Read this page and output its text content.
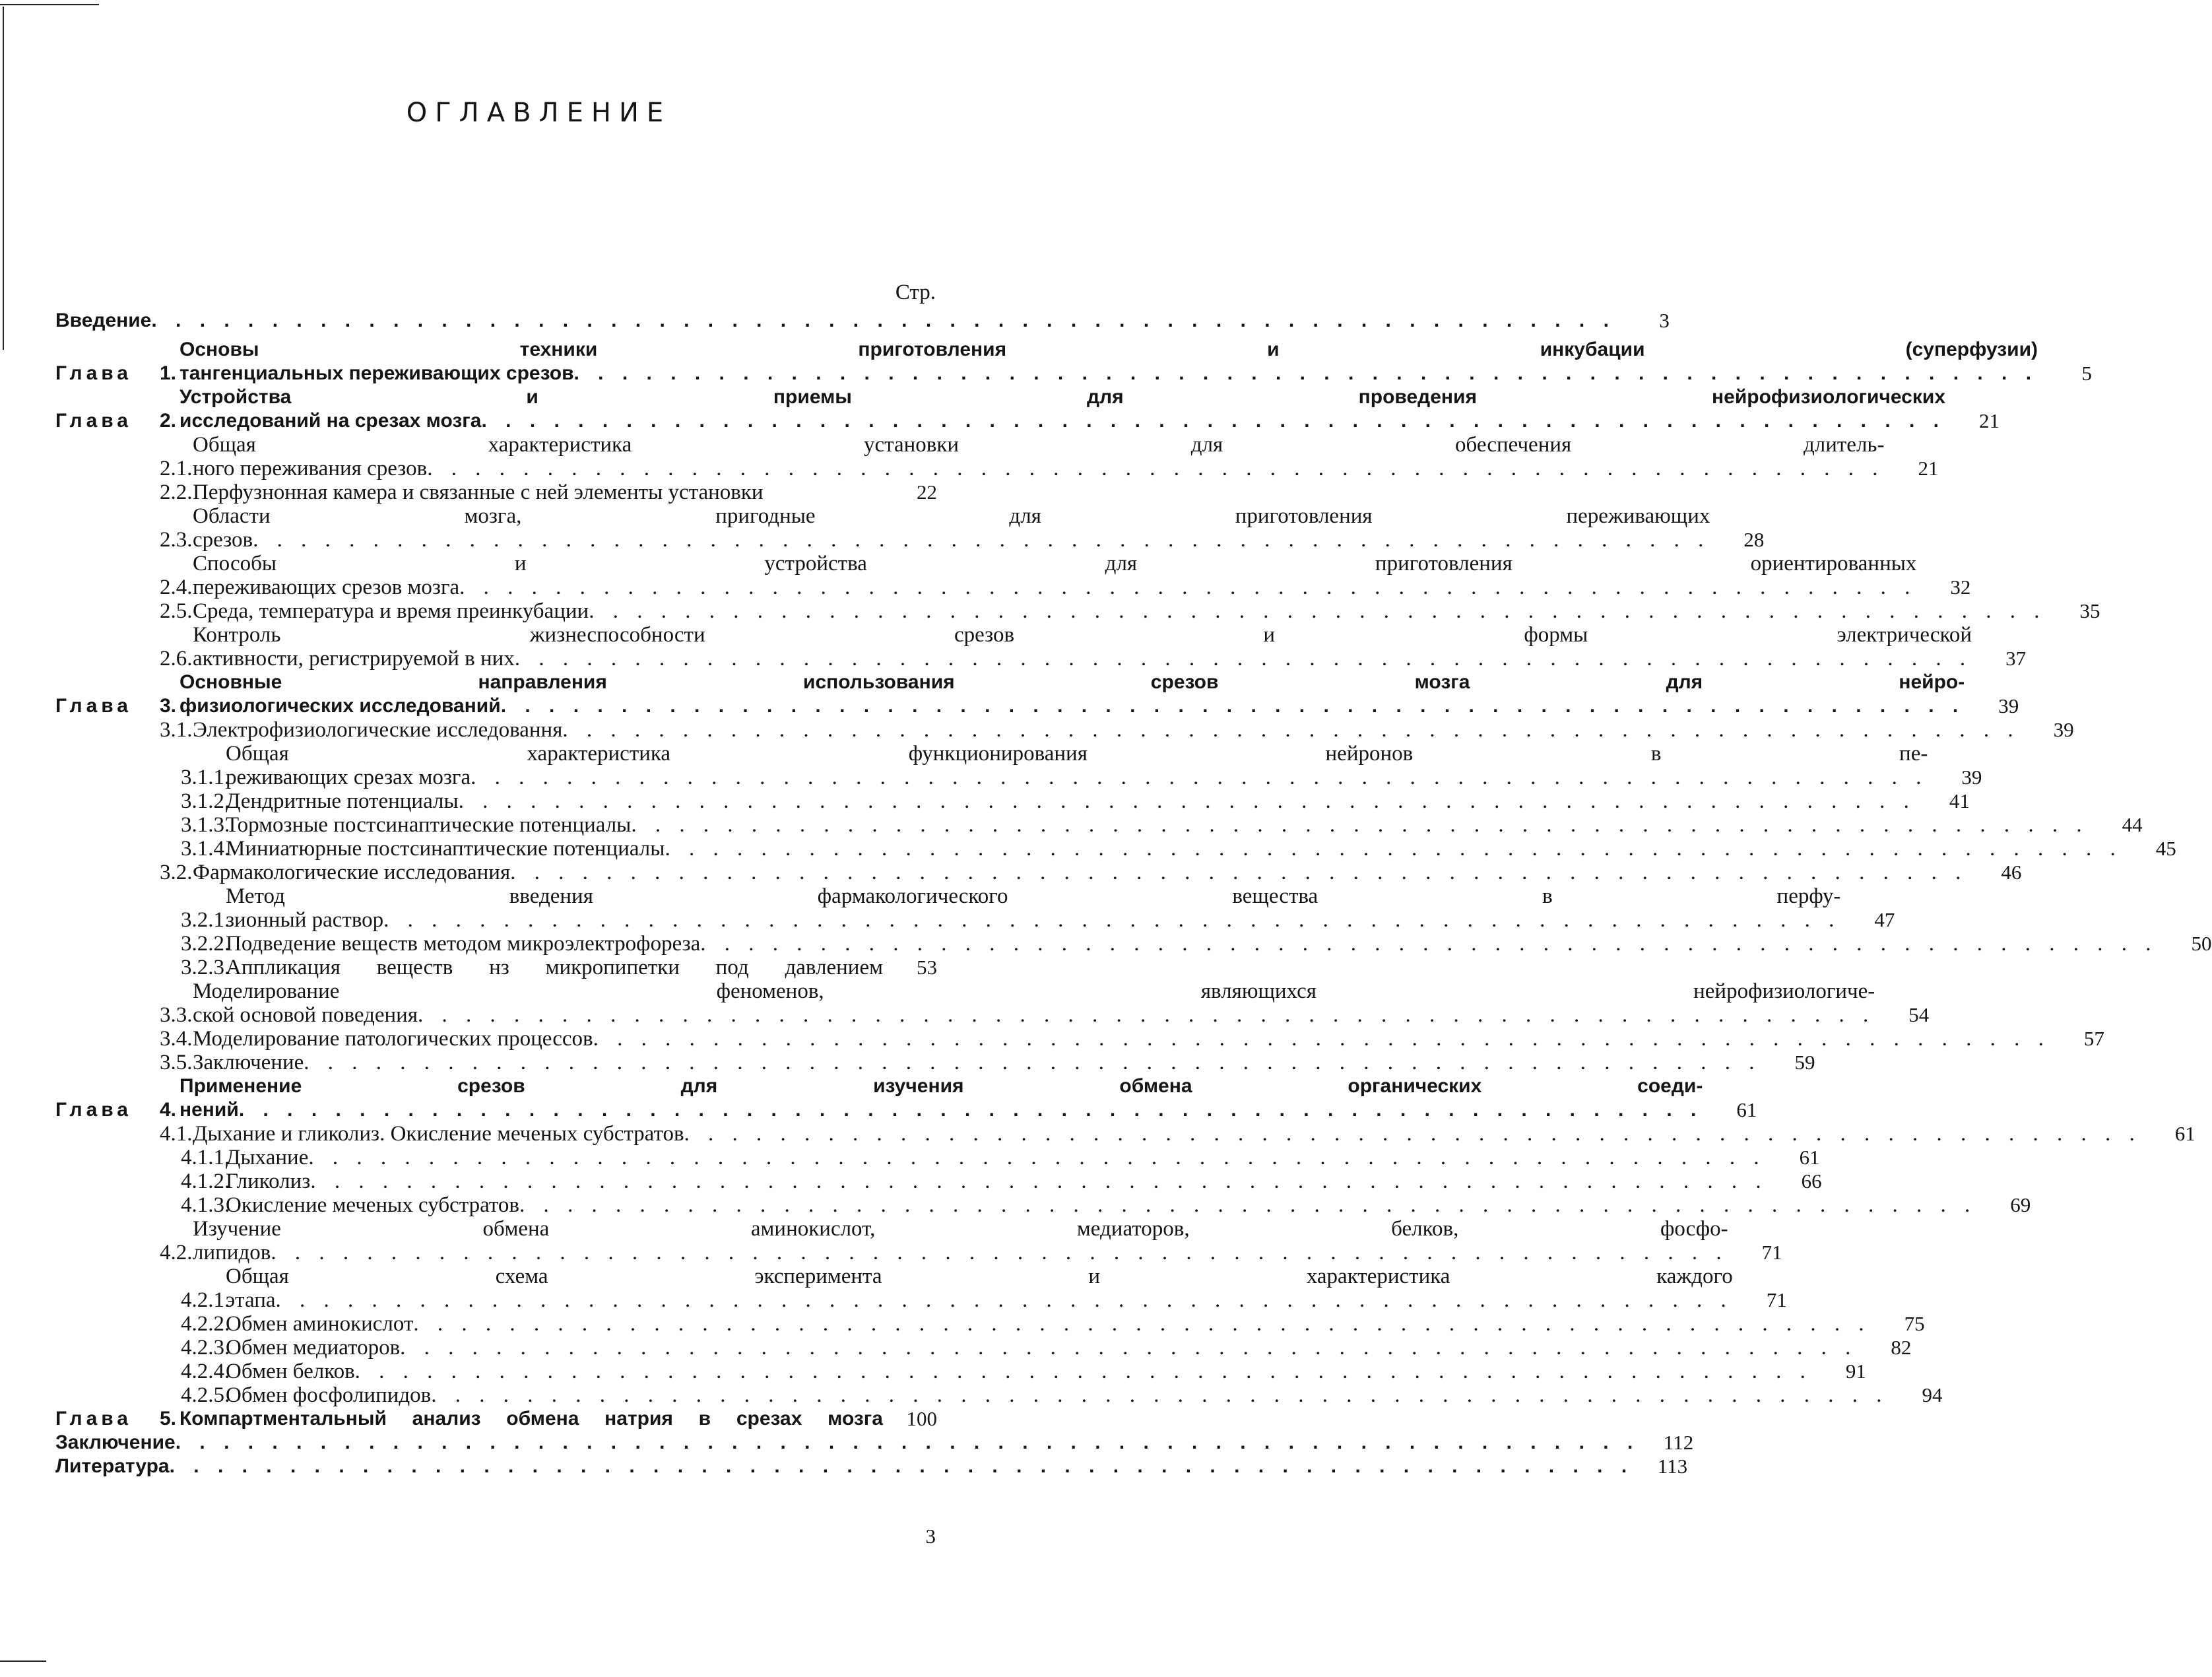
ОГЛАВЛЕНИЕ
Стр.
Введение . . .	3
Глава	1.
Основы техники приготовления и инкубации (суперфузии)
тангенциальных переживающих срезов . . .	5
Глава	2.
Устройства и приемы для проведения нейрофизиологических
исследований на срезах мозга . . .	21
2.1.
Общая характеристика установки для обеспечения длитель-
ного переживания срезов . . .	21
2.2. Перфузнонная камера и связанные с ней элементы установки	22
2.3.
Области мозга, пригодные для приготовления переживающих
срезов . . .	28
2.4.
Способы и устройства для приготовления ориентированных
переживающих срезов мозга . . .	32
2.5. Среда, температура и время преинкубации . . .	35
2.6.
Контроль жизнеспособности срезов и формы электрической
активности, регистрируемой в них . . .	37
Глава	3.
Основные направления использования срезов мозга для нейро-
физиологических исследований . . .	39
3.1. Электрофизиологические исследовання . . .	39
3.1.1.
Общая характеристика функционирования нейронов в пе-
реживающих срезах мозга . . .	39
3.1.2.
Дендритные потенциалы . . .	41
3.1.3.
Тормозные постсинаптические потенциалы . . .	44
3.1.4.
Миниатюрные постсинаптические потенциалы . . .	45
3.2. Фармакологические исследования . . .	46
3.2.1.
Метод введения фармакологического вещества в перфу-
зионный раствор . . .	47
3.2.2.
Подведение веществ методом микроэлектрофореза . . .	50
3.2.3.
Аппликация веществ нз микропипетки под давлением	53
3.3.
Моделирование феноменов, являющихся нейрофизиологиче-
ской основой поведения . . .	54
3.4. Моделирование патологических процессов . . .	57
3.5. Заключение . . .	59
Глава	4.
Применение срезов для изучения обмена органических соеди-
нений . . .	61
4.1. Дыхание и гликолиз. Окисление меченых субстратов . . .	61
4.1.1.
Дыхание . . .	61
4.1.2.
Гликолиз . . .	66
4.1.3.
Окисление меченых субстратов . . .	69
4.2.
Изучение обмена аминокислот, медиаторов, белков, фосфо-
липидов . . .	71
4.2.1.
Общая схема эксперимента и характеристика каждого
этапа . . .	71
4.2.2.
Обмен аминокислот . . .	75
4.2.3.
Обмен медиаторов . . .	82
4.2.4.
Обмен белков . . .	91
4.2.5.
Обмен фосфолипидов . . .	94
Глава	5. Компартментальный анализ обмена натрия в срезах мозга	100
Заключение . . .	112
Литература . . .	113
3
